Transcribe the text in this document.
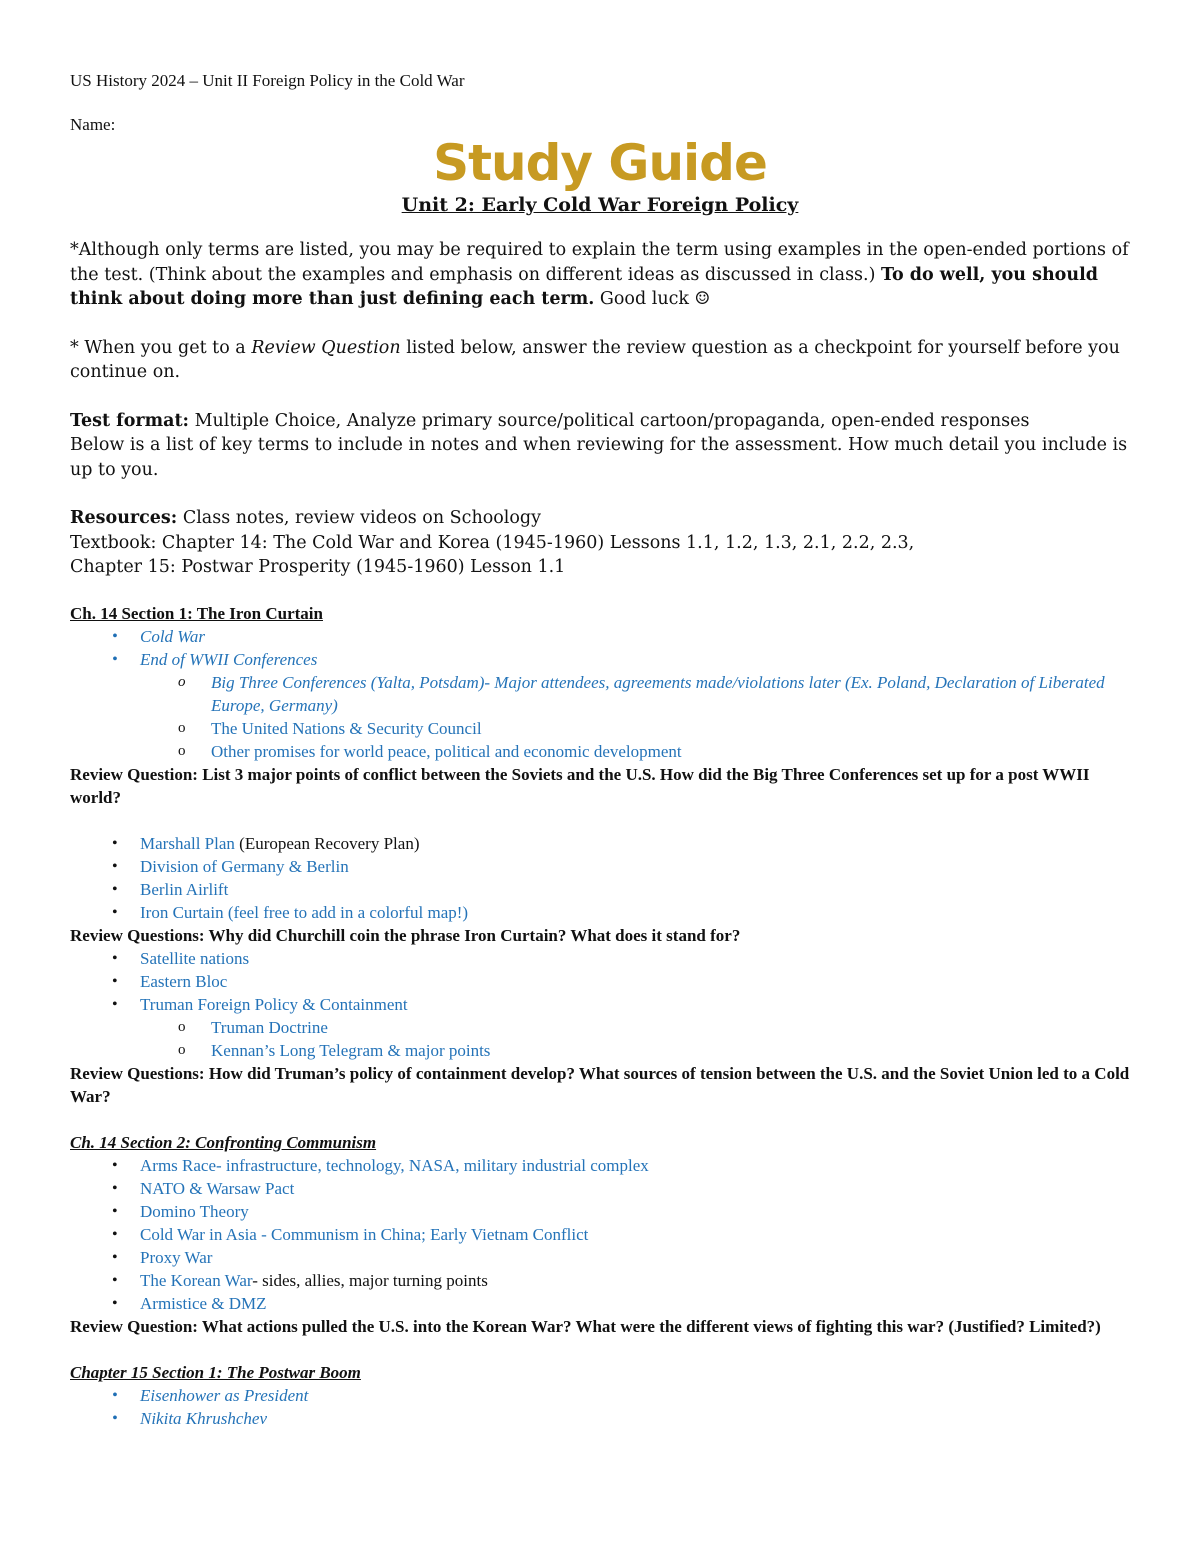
US History 2024 – Unit II Foreign Policy in the Cold War

Name:

Study Guide

Unit 2: Early Cold War Foreign Policy

*Although only terms are listed, you may be required to explain the term using examples in the open-ended portions of the test. (Think about the examples and emphasis on different ideas as discussed in class.) To do well, you should think about doing more than just defining each term. Good luck ☺

* When you get to a Review Question listed below, answer the review question as a checkpoint for yourself before you continue on.

Test format: Multiple Choice, Analyze primary source/political cartoon/propaganda, open-ended responses

Below is a list of key terms to include in notes and when reviewing for the assessment. How much detail you include is up to you.

Resources: Class notes, review videos on Schoology

Textbook: Chapter 14: The Cold War and Korea (1945-1960) Lessons 1.1, 1.2, 1.3, 2.1, 2.2, 2.3,

Chapter 15: Postwar Prosperity (1945-1960) Lesson 1.1

Ch. 14 Section 1: The Iron Curtain

• Cold War
• End of WWII Conferences
o Big Three Conferences (Yalta, Potsdam)- Major attendees, agreements made/violations later (Ex. Poland, Declaration of Liberated Europe, Germany)
o The United Nations & Security Council
o Other promises for world peace, political and economic development

Review Question: List 3 major points of conflict between the Soviets and the U.S. How did the Big Three Conferences set up for a post WWII world?

• Marshall Plan (European Recovery Plan)
• Division of Germany & Berlin
• Berlin Airlift
• Iron Curtain (feel free to add in a colorful map!)

Review Questions: Why did Churchill coin the phrase Iron Curtain? What does it stand for?

• Satellite nations
• Eastern Bloc
• Truman Foreign Policy & Containment
o Truman Doctrine
o Kennan’s Long Telegram & major points

Review Questions: How did Truman’s policy of containment develop? What sources of tension between the U.S. and the Soviet Union led to a Cold War?

Ch. 14 Section 2: Confronting Communism

• Arms Race- infrastructure, technology, NASA, military industrial complex
• NATO & Warsaw Pact
• Domino Theory
• Cold War in Asia - Communism in China; Early Vietnam Conflict
• Proxy War
• The Korean War- sides, allies, major turning points
• Armistice & DMZ

Review Question: What actions pulled the U.S. into the Korean War? What were the different views of fighting this war? (Justified? Limited?)

Chapter 15 Section 1: The Postwar Boom

• Eisenhower as President
• Nikita Khrushchev
